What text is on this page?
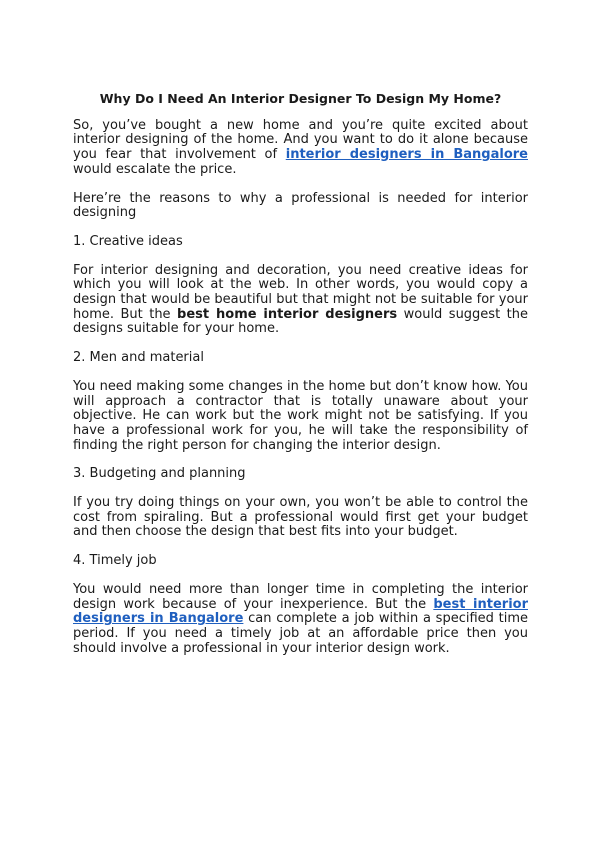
Why Do I Need An Interior Designer To Design My Home?

So, you’ve bought a new home and you’re quite excited about interior designing of the home. And you want to do it alone because you fear that involvement of interior designers in Bangalore would escalate the price.

Here’re the reasons to why a professional is needed for interior designing

1. Creative ideas

For interior designing and decoration, you need creative ideas for which you will look at the web. In other words, you would copy a design that would be beautiful but that might not be suitable for your home. But the best home interior designers would suggest the designs suitable for your home.

2. Men and material

You need making some changes in the home but don’t know how. You will approach a contractor that is totally unaware about your objective. He can work but the work might not be satisfying. If you have a professional work for you, he will take the responsibility of finding the right person for changing the interior design.

3. Budgeting and planning

If you try doing things on your own, you won’t be able to control the cost from spiraling. But a professional would first get your budget and then choose the design that best fits into your budget.

4. Timely job

You would need more than longer time in completing the interior design work because of your inexperience. But the best interior designers in Bangalore can complete a job within a specified time period. If you need a timely job at an affordable price then you should involve a professional in your interior design work.
